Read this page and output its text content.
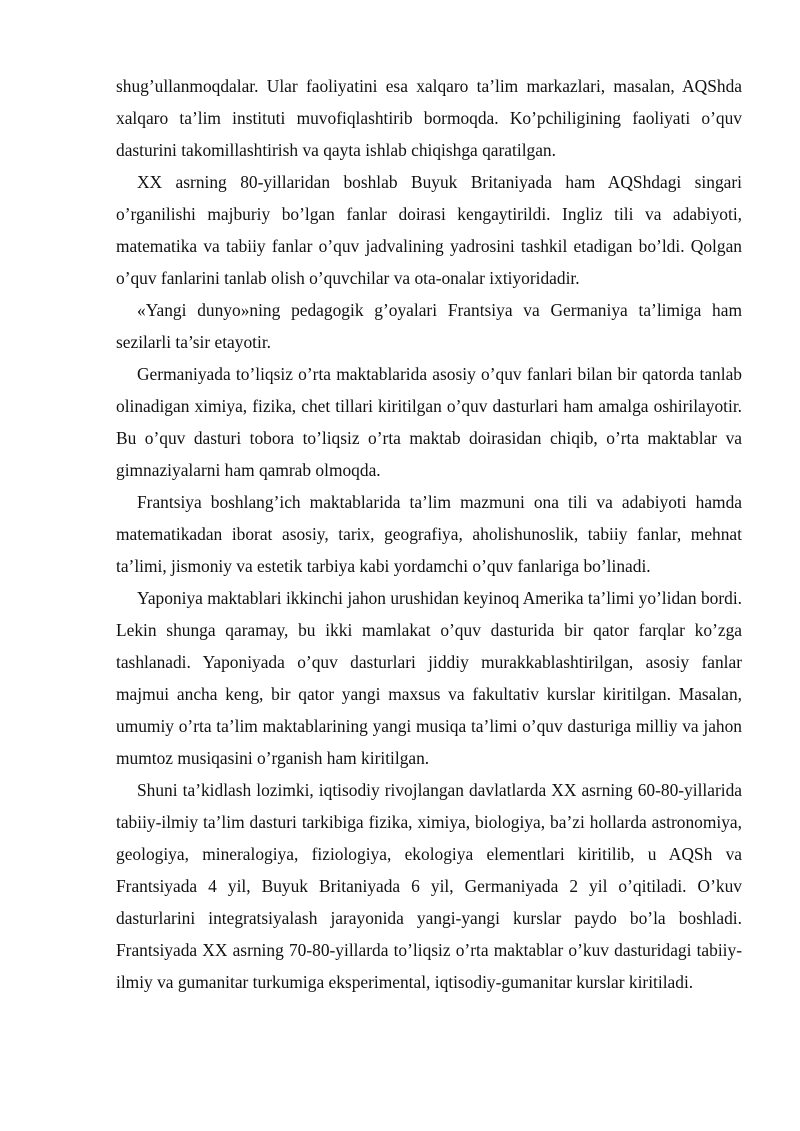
shug’ullanmoqdalar. Ular faoliyatini esa xalqaro ta’lim markazlari, masalan, AQShda xalqaro ta’lim instituti muvofiqlashtirib bormoqda. Ko’pchiligining faoliyati o’quv dasturini takomillashtirish va qayta ishlab chiqishga qaratilgan.

XX asrning 80-yillaridan boshlab Buyuk Britaniyada ham AQShdagi singari o’rganilishi majburiy bo’lgan fanlar doirasi kengaytirildi. Ingliz tili va adabiyoti, matematika va tabiiy fanlar o’quv jadvalining yadrosini tashkil etadigan bo’ldi. Qolgan o’quv fanlarini tanlab olish o’quvchilar va ota-onalar ixtiyoridadir.

«Yangi dunyo»ning pedagogik g’oyalari Frantsiya va Germaniya ta’limiga ham sezilarli ta’sir etayotir.

Germaniyada to’liqsiz o’rta maktablarida asosiy o’quv fanlari bilan bir qatorda tanlab olinadigan ximiya, fizika, chet tillari kiritilgan o’quv dasturlari ham amalga oshirilayotir. Bu o’quv dasturi tobora to’liqsiz o’rta maktab doirasidan chiqib, o’rta maktablar va gimnaziyalarni ham qamrab olmoqda.

Frantsiya boshlang’ich maktablarida ta’lim mazmuni ona tili va adabiyoti hamda matematikadan iborat asosiy, tarix, geografiya, aholishunoslik, tabiiy fanlar, mehnat ta’limi, jismoniy va estetik tarbiya kabi yordamchi o’quv fanlariga bo’linadi.

Yaponiya maktablari ikkinchi jahon urushidan keyinoq Amerika ta’limi yo’lidan bordi. Lekin shunga qaramay, bu ikki mamlakat o’quv dasturida bir qator farqlar ko’zga tashlanadi. Yaponiyada o’quv dasturlari jiddiy murakkablashtirilgan, asosiy fanlar majmui ancha keng, bir qator yangi maxsus va fakultativ kurslar kiritilgan. Masalan, umumiy o’rta ta’lim maktablarining yangi musiqa ta’limi o’quv dasturiga milliy va jahon mumtoz musiqasini o’rganish ham kiritilgan.

Shuni ta’kidlash lozimki, iqtisodiy rivojlangan davlatlarda XX asrning 60-80-yillarida tabiiy-ilmiy ta’lim dasturi tarkibiga fizika, ximiya, biologiya, ba’zi hollarda astronomiya, geologiya, mineralogiya, fiziologiya, ekologiya elementlari kiritilib, u AQSh va Frantsiyada 4 yil, Buyuk Britaniyada 6 yil, Germaniyada 2 yil o’qitiladi. O’kuv dasturlarini integratsiyalash jarayonida yangi-yangi kurslar paydo bo’la boshladi. Frantsiyada XX asrning 70-80-yillarda to’liqsiz o’rta maktablar o’kuv dasturidagi tabiiy-ilmiy va gumanitar turkumiga eksperimental, iqtisodiy-gumanitar kurslar kiritiladi.
